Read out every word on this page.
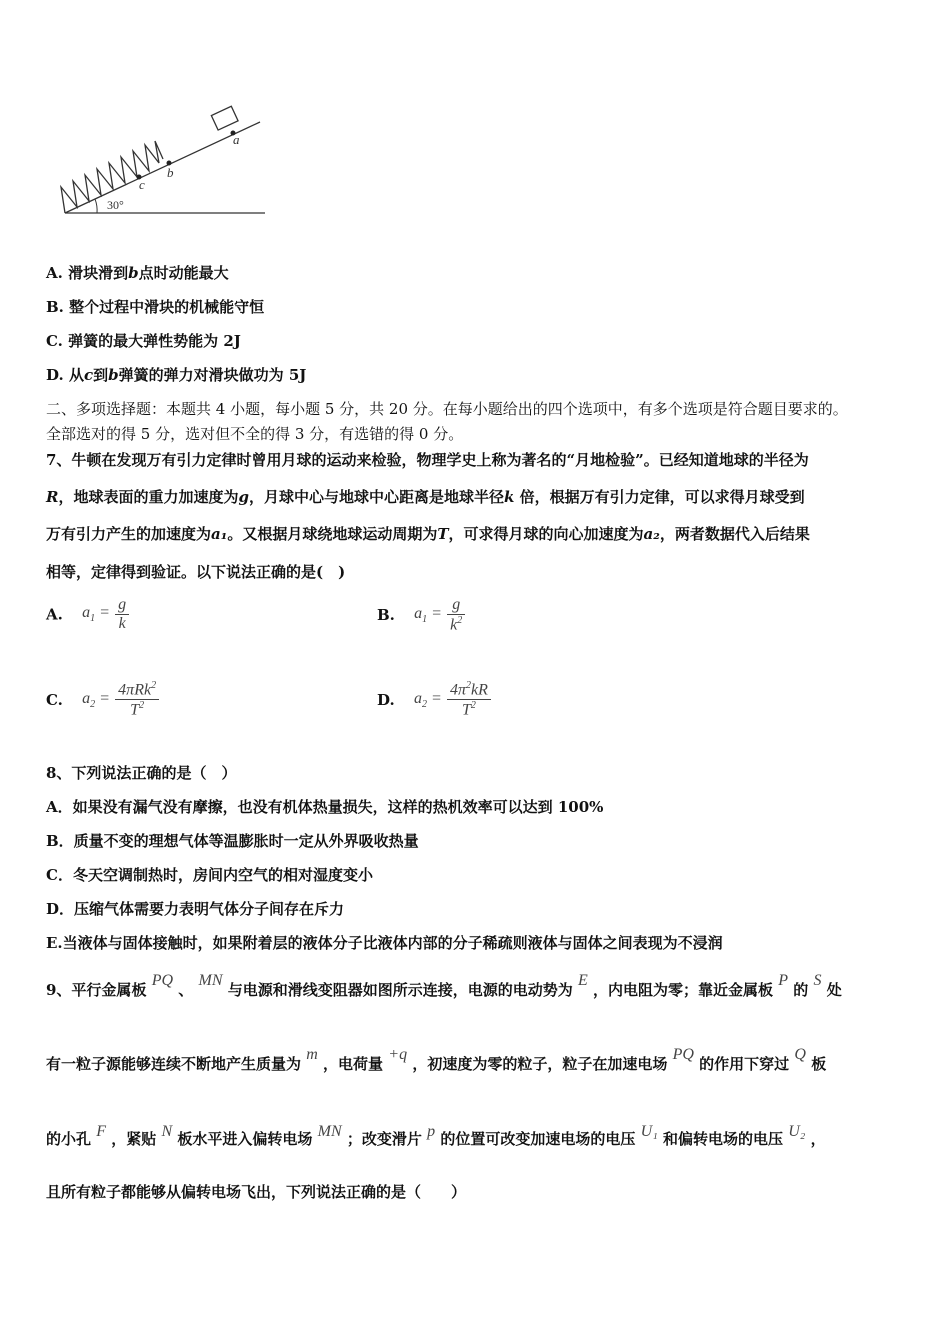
a
b
c
30°
A. 滑块滑到b点时动能最大
B. 整个过程中滑块的机械能守恒
C. 弹簧的最大弹性势能为 2J
D. 从c到b弹簧的弹力对滑块做功为 5J
二、多项选择题：本题共 4 小题，每小题 5 分，共 20 分。在每小题给出的四个选项中，有多个选项是符合题目要求的。
全部选对的得 5 分，选对但不全的得 3 分，有选错的得 0 分。
7、牛顿在发现万有引力定律时曾用月球的运动来检验，物理学史上称为著名的“月地检验”。已经知道地球的半径为
R，地球表面的重力加速度为g，月球中心与地球中心距离是地球半径k 倍，根据万有引力定律，可以求得月球受到
万有引力产生的加速度为a₁。又根据月球绕地球运动周期为T，可求得月球的向心加速度为a₂，两者数据代入后结果
相等，定律得到验证。以下说法正确的是(　)
A. $a_1 = \frac{g}{k}$	B. $a_1 = \frac{g}{k^2}$
C. $a_2 = \frac{4\pi Rk^2}{T^2}$	D. $a_2 = \frac{4\pi^2kR}{T^2}$
8、下列说法正确的是（　）
A．如果没有漏气没有摩擦，也没有机体热量损失，这样的热机效率可以达到 100%
B．质量不变的理想气体等温膨胀时一定从外界吸收热量
C．冬天空调制热时，房间内空气的相对湿度变小
D．压缩气体需要力表明气体分子间存在斥力
E.当液体与固体接触时，如果附着层的液体分子比液体内部的分子稀疏则液体与固体之间表现为不浸润
9、平行金属板 PQ 、 MN 与电源和滑线变阻器如图所示连接，电源的电动势为 E ，内电阻为零；靠近金属板 P 的 S 处
有一粒子源能够连续不断地产生质量为 m ，电荷量 +q ，初速度为零的粒子，粒子在加速电场 PQ 的作用下穿过 Q 板
的小孔 F ，紧贴 N 板水平进入偏转电场 MN ；改变滑片 p 的位置可改变加速电场的电压 U₁ 和偏转电场的电压 U₂ ，
且所有粒子都能够从偏转电场飞出，下列说法正确的是（　　）
